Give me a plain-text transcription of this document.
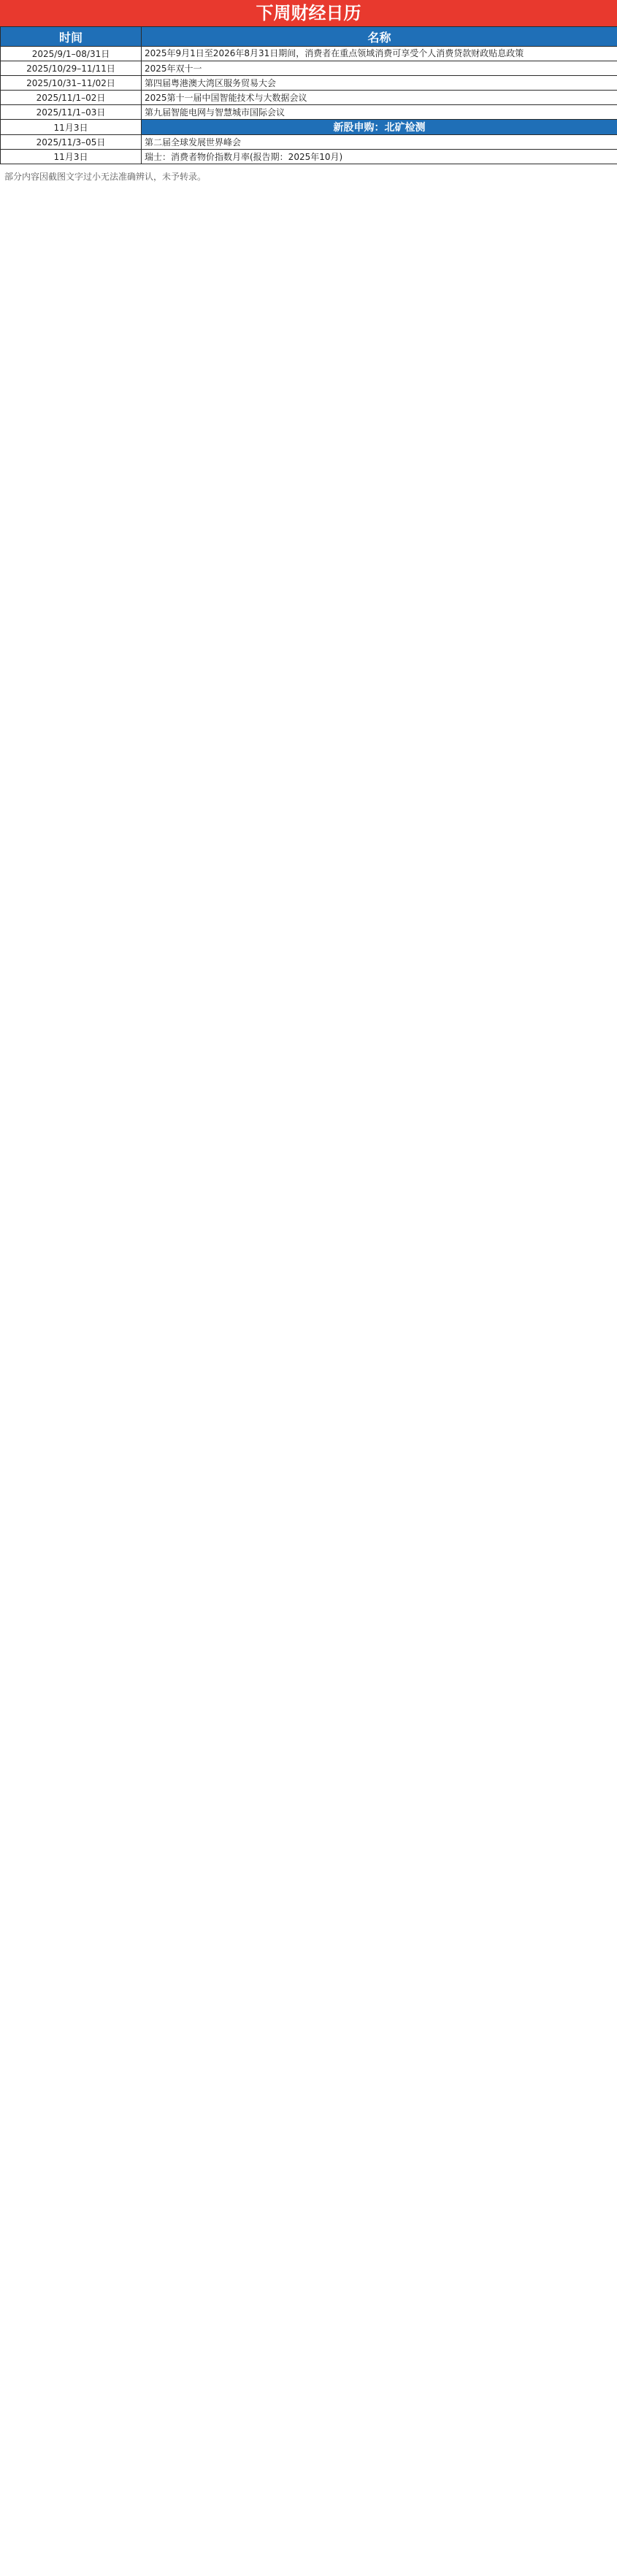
下周财经日历
时间	名称
2025/9/1–08/31日	2025年9月1日至2026年8月31日期间，消费者在重点领域消费可享受个人消费贷款财政贴息政策
2025/10/29–11/11日	2025年双十一
2025/10/31–11/02日	第四届粤港澳大湾区服务贸易大会
2025/11/1–02日	2025第十一届中国智能技术与大数据会议
2025/11/1–03日	第九届智能电网与智慧城市国际会议
11月3日	新股申购：北矿检测
2025/11/3–05日	第二届全球发展世界峰会
11月3日	瑞士：消费者物价指数月率(报告期：2025年10月)
部分内容因截图文字过小无法准确辨认，未予转录。
